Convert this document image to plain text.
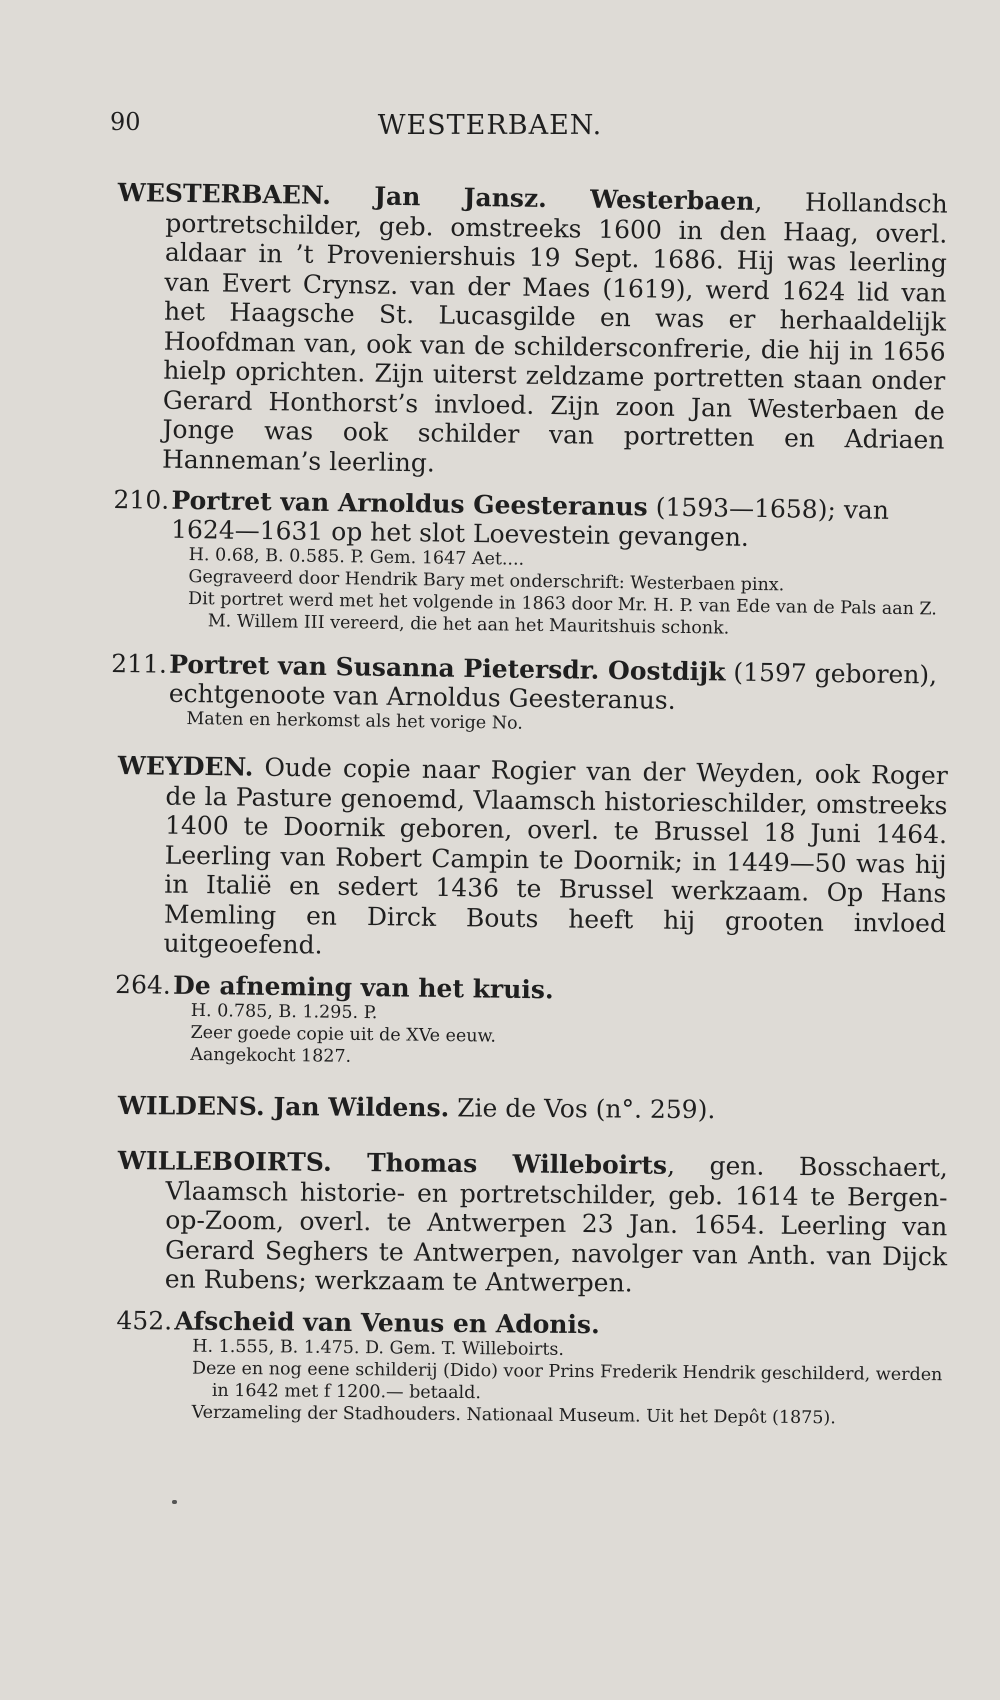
90	WESTERBAEN.

WESTERBAEN. Jan Jansz. Westerbaen, Hollandsch portretschilder, geb. omstreeks 1600 in den Haag, overl. aldaar in ’t Proveniershuis 19 Sept. 1686. Hij was leerling van Evert Crynsz. van der Maes (1619), werd 1624 lid van het Haagsche St. Lucasgilde en was er herhaaldelijk Hoofdman van, ook van de schildersconfrerie, die hij in 1656 hielp oprichten. Zijn uiterst zeldzame portretten staan onder Gerard Honthorst’s invloed. Zijn zoon Jan Westerbaen de Jonge was ook schilder van portretten en Adriaen Hanneman’s leerling.

210.Portret van Arnoldus Geesteranus (1593—1658); van 1624—1631 op het slot Loevestein gevangen.

H. 0.68, B. 0.585. P. Gem. 1647 Aet....

Gegraveerd door Hendrik Bary met onderschrift: Westerbaen pinx.

Dit portret werd met het volgende in 1863 door Mr. H. P. van Ede van de Pals aan Z. M. Willem III vereerd, die het aan het Mauritshuis schonk.

211.Portret van Susanna Pietersdr. Oostdijk (1597 geboren), echtgenoote van Arnoldus Geesteranus.

Maten en herkomst als het vorige No.

WEYDEN. Oude copie naar Rogier van der Weyden, ook Roger de la Pasture genoemd, Vlaamsch historieschilder, omstreeks 1400 te Doornik geboren, overl. te Brussel 18 Juni 1464. Leerling van Robert Campin te Doornik; in 1449—50 was hij in Italië en sedert 1436 te Brussel werkzaam. Op Hans Memling en Dirck Bouts heeft hij grooten invloed uitgeoefend.

264.De afneming van het kruis.

H. 0.785, B. 1.295. P.

Zeer goede copie uit de XVe eeuw.

Aangekocht 1827.

WILDENS. Jan Wildens. Zie de Vos (n°. 259).

WILLEBOIRTS. Thomas Willeboirts, gen. Bosschaert, Vlaamsch historie- en portretschilder, geb. 1614 te Bergen-op-Zoom, overl. te Antwerpen 23 Jan. 1654. Leerling van Gerard Seghers te Antwerpen, navolger van Anth. van Dijck en Rubens; werkzaam te Antwerpen.

452.Afscheid van Venus en Adonis.

H. 1.555, B. 1.475. D. Gem. T. Willeboirts.

Deze en nog eene schilderij (Dido) voor Prins Frederik Hendrik geschilderd, werden in 1642 met f 1200.— betaald.

Verzameling der Stadhouders. Nationaal Museum. Uit het Depôt (1875).
